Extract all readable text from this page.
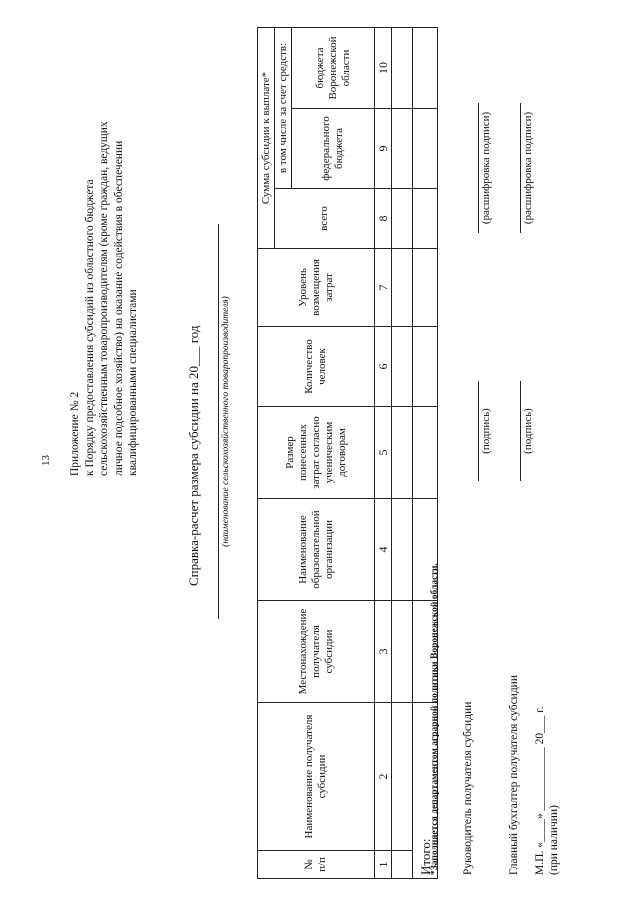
13 Приложение № 2 к Порядку предоставления субсидий из областного бюджета сельскохозяйственным товаропроизводителям (кроме граждан, ведущих личное подсобное хозяйство) на оказание содействия в обеспечении квалифицированными специалистами	Справка-расчет размера субсидии на 20___ год (наименование сельскохозяйственного товаропроизводителя)
№ п/п	Наименование получателя субсидии	Местонахождение получателя субсидии	Наименование образовательной организации	Размер понесенных затрат согласно ученическим договорам	Количество человек	Уровень возмещения затрат	Сумма субсидии к выплате*		
							всего	в том числе за счет средств:	
								федерального бюджета	бюджета Воронежской области
1	2	3	4	5	6	7	8	9	10

Итого:									
*Заполняется департаментом аграрной политики Воронежской области. Руководитель получателя субсидии
(подпись)
(расшифровка подписи)
Главный бухгалтер получателя субсидии
(подпись)
(расшифровка подписи)
М.П. «____» ___________ 20___ г. (при наличии)
